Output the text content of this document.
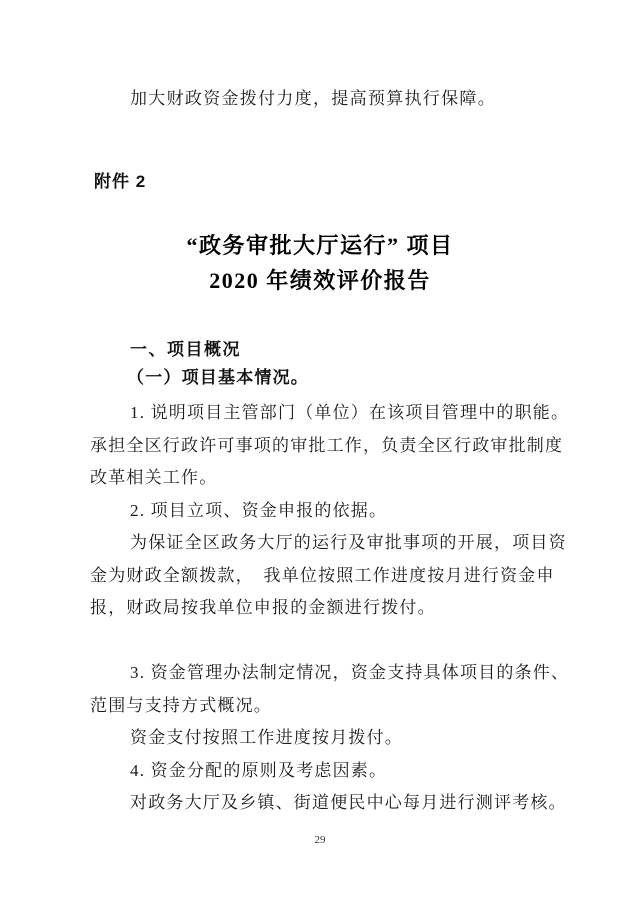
加大财政资金拨付力度，提高预算执行保障。
附件 2
“政务审批大厅运行” 项目
2020 年绩效评价报告
一、项目概况
（一）项目基本情况。
1. 说明项目主管部门（单位）在该项目管理中的职能。
承担全区行政许可事项的审批工作，负责全区行政审批制度
改革相关工作。
2. 项目立项、资金申报的依据。
为保证全区政务大厅的运行及审批事项的开展，项目资
金为财政全额拨款，　我单位按照工作进度按月进行资金申
报，财政局按我单位申报的金额进行拨付。
3. 资金管理办法制定情况，资金支持具体项目的条件、
范围与支持方式概况。
资金支付按照工作进度按月拨付。
4. 资金分配的原则及考虑因素。
对政务大厅及乡镇、街道便民中心每月进行测评考核。
29
